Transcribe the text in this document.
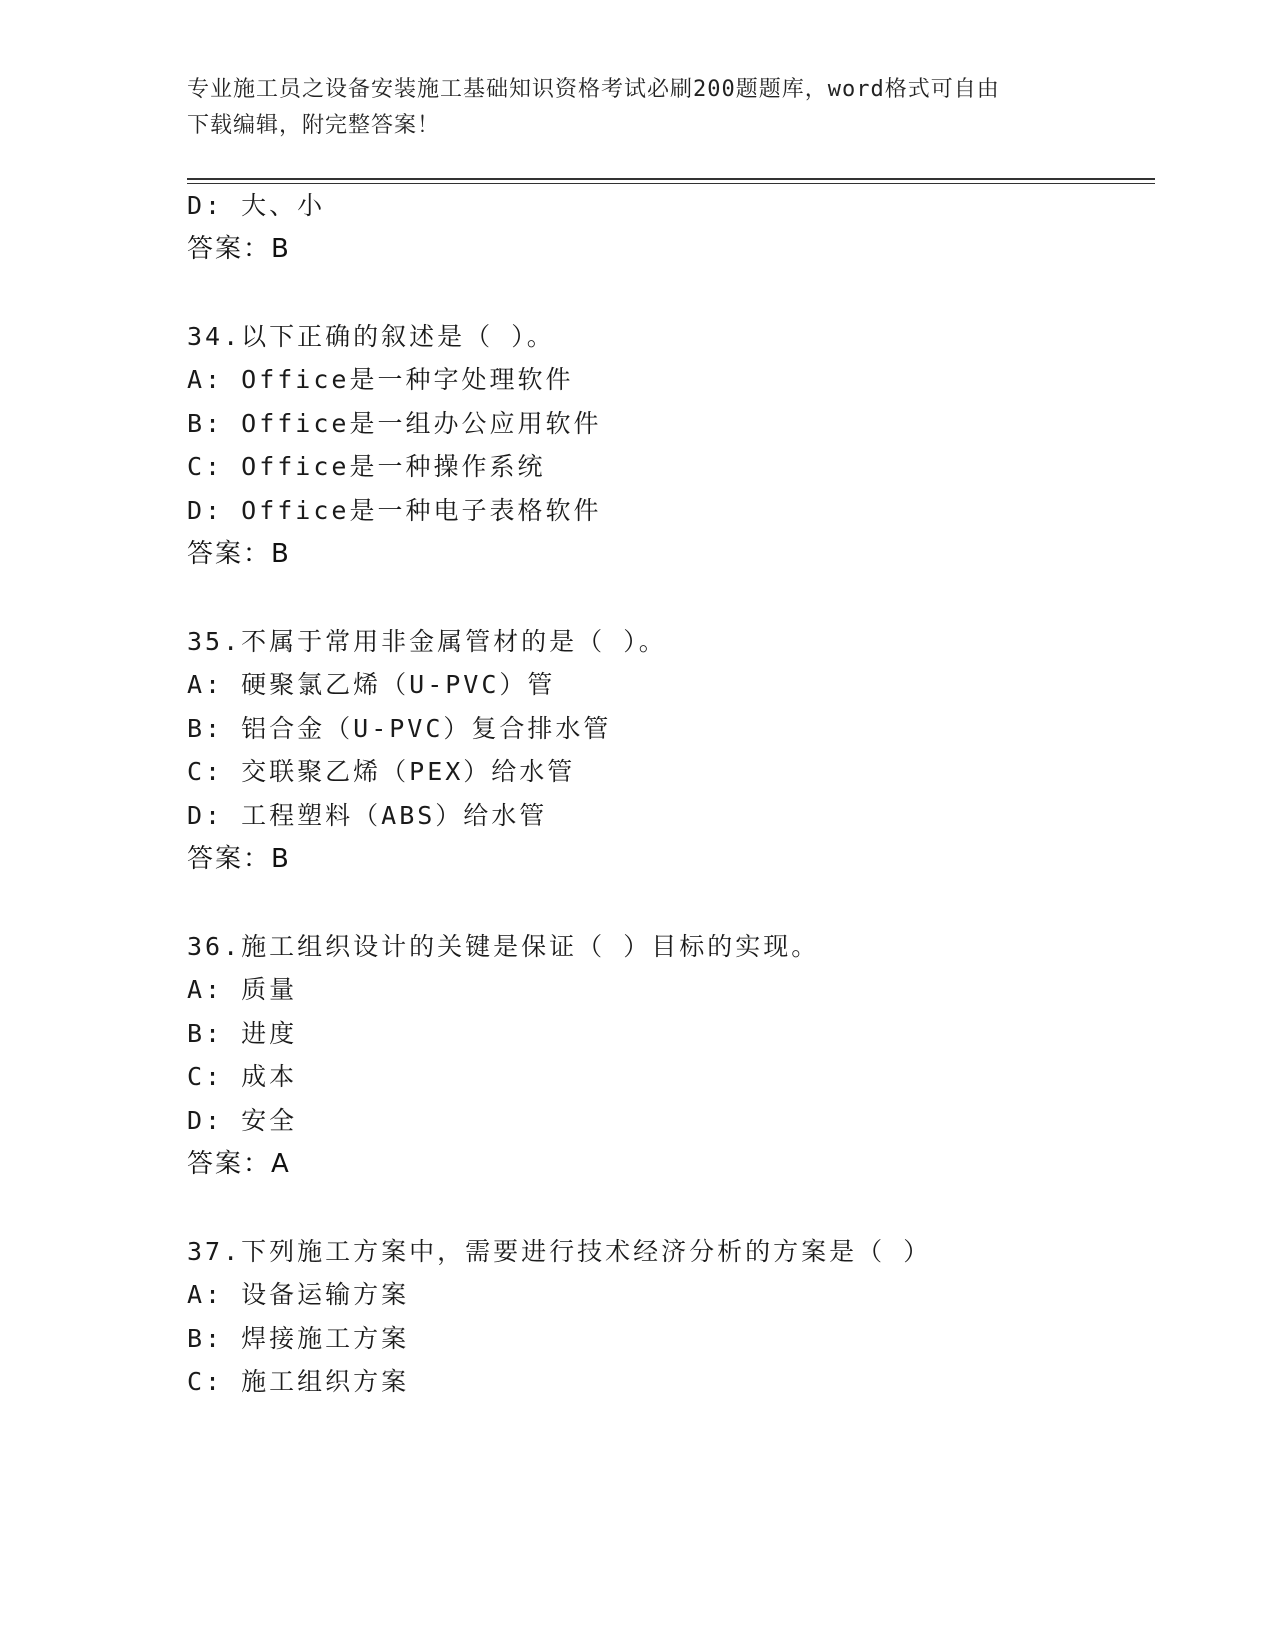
专业施工员之设备安装施工基础知识资格考试必刷200题题库，word格式可自由
下载编辑，附完整答案！
D: 大、小
答案：B
34.以下正确的叙述是（ ）。
A: Office是一种字处理软件
B: Office是一组办公应用软件
C: Office是一种操作系统
D: Office是一种电子表格软件
答案：B
35.不属于常用非金属管材的是（ ）。
A: 硬聚氯乙烯（U-PVC）管
B: 铝合金（U-PVC）复合排水管
C: 交联聚乙烯（PEX）给水管
D: 工程塑料（ABS）给水管
答案：B
36.施工组织设计的关键是保证（ ）目标的实现。
A: 质量
B: 进度
C: 成本
D: 安全
答案：A
37.下列施工方案中，需要进行技术经济分析的方案是（ ）
A: 设备运输方案
B: 焊接施工方案
C: 施工组织方案
